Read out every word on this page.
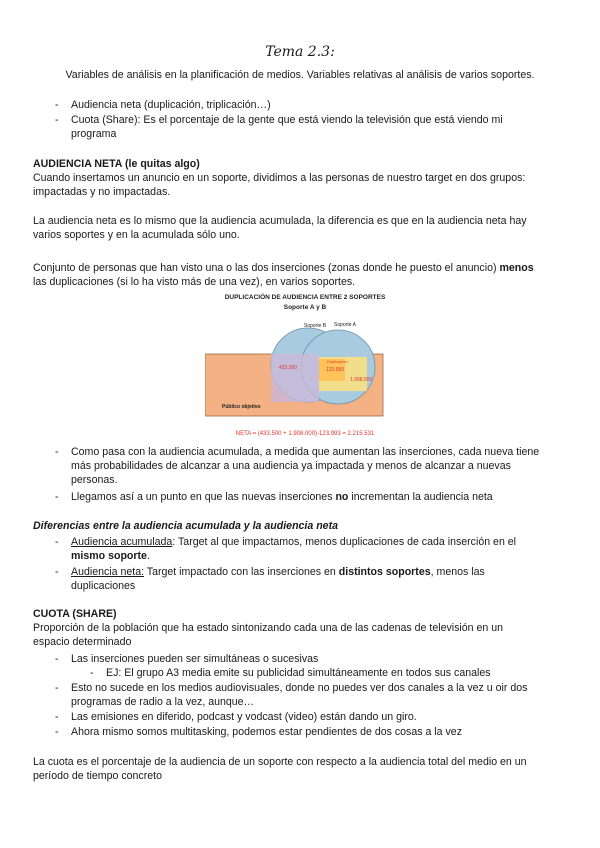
Tema 2.3:
Variables de análisis en la planificación de medios. Variables relativas al análisis de varios soportes.
- Audiencia neta (duplicación, triplicación…)
- Cuota (Share): Es el porcentaje de la gente que está viendo la televisión que está viendo mi
programa
AUDIENCIA NETA (le quitas algo)
Cuando insertamos un anuncio en un soporte, dividimos a las personas de nuestro target en dos grupos:
impactadas y no impactadas.
La audiencia neta es lo mismo que la audiencia acumulada, la diferencia es que en la audiencia neta hay
varios soportes y en la acumulada sólo uno.
Conjunto de personas que han visto una o las dos inserciones (zonas donde he puesto el anuncio) menos
las duplicaciones (si lo ha visto más de una vez), en varios soportes.
DUPLICACIÓN DE AUDIENCIA ENTRE 2 SOPORTES
Soporte A y B
Soporte B Soporte A
433.500
Duplicación
123.993
1.908.000
Público objetivo
NETA = (433.500 + 1.908.000)-123.993 = 2.215.531
- Como pasa con la audiencia acumulada, a medida que aumentan las inserciones, cada nueva tiene
más probabilidades de alcanzar a una audiencia ya impactada y menos de alcanzar a nuevas
personas.
- Llegamos así a un punto en que las nuevas inserciones no incrementan la audiencia neta
Diferencias entre la audiencia acumulada y la audiencia neta
- Audiencia acumulada: Target al que impactamos, menos duplicaciones de cada inserción en el
mismo soporte.
- Audiencia neta: Target impactado con las inserciones en distintos soportes, menos las
duplicaciones
CUOTA (SHARE)
Proporción de la población que ha estado sintonizando cada una de las cadenas de televisión en un
espacio determinado
- Las inserciones pueden ser simultáneas o sucesivas
- EJ: El grupo A3 media emite su publicidad simultáneamente en todos sus canales
- Esto no sucede en los medios audiovisuales, donde no puedes ver dos canales a la vez u oir dos
programas de radio a la vez, aunque…
- Las emisiones en diferido, podcast y vodcast (video) están dando un giro.
- Ahora mismo somos multitasking, podemos estar pendientes de dos cosas a la vez
La cuota es el porcentaje de la audiencia de un soporte con respecto a la audiencia total del medio en un
período de tiempo concreto
